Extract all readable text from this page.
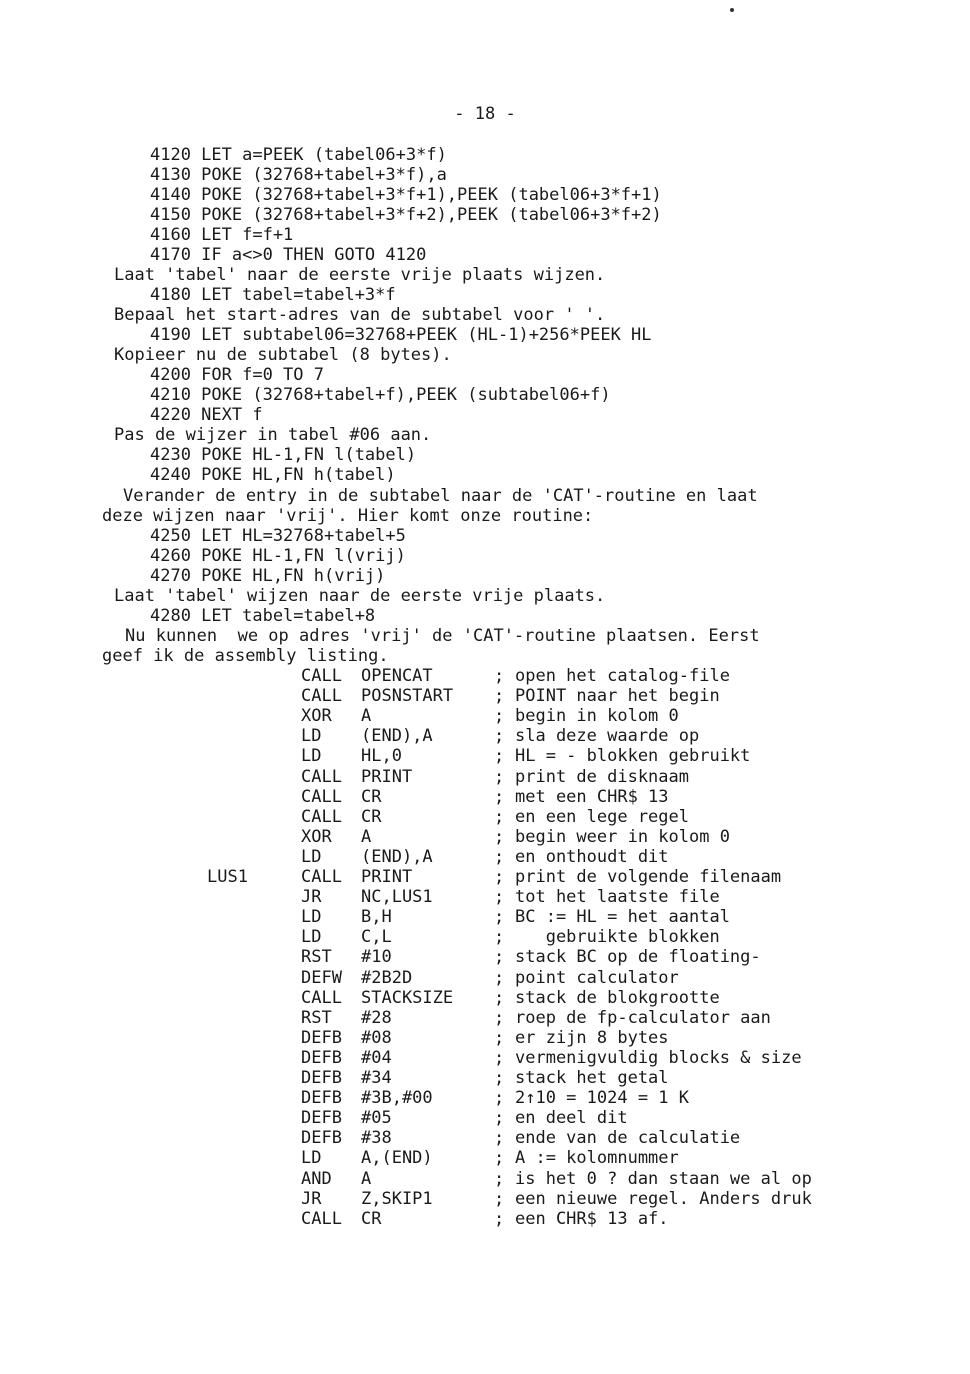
- 18 -
4120 LET a=PEEK (tabel06+3*f)
4130 POKE (32768+tabel+3*f),a
4140 POKE (32768+tabel+3*f+1),PEEK (tabel06+3*f+1)
4150 POKE (32768+tabel+3*f+2),PEEK (tabel06+3*f+2)
4160 LET f=f+1
4170 IF a<>0 THEN GOTO 4120
Laat 'tabel' naar de eerste vrije plaats wijzen.
4180 LET tabel=tabel+3*f
Bepaal het start-adres van de subtabel voor ' '.
4190 LET subtabel06=32768+PEEK (HL-1)+256*PEEK HL
Kopieer nu de subtabel (8 bytes).
4200 FOR f=0 TO 7
4210 POKE (32768+tabel+f),PEEK (subtabel06+f)
4220 NEXT f
Pas de wijzer in tabel #06 aan.
4230 POKE HL-1,FN l(tabel)
4240 POKE HL,FN h(tabel)
Verander de entry in de subtabel naar de 'CAT'-routine en laat
deze wijzen naar 'vrij'. Hier komt onze routine:
4250 LET HL=32768+tabel+5
4260 POKE HL-1,FN l(vrij)
4270 POKE HL,FN h(vrij)
Laat 'tabel' wijzen naar de eerste vrije plaats.
4280 LET tabel=tabel+8
Nu kunnen  we op adres 'vrij' de 'CAT'-routine plaatsen. Eerst
geef ik de assembly listing.
CALL OPENCAT	open het catalog-file
;
CALL POSNSTART	POINT naar het begin
;
XOR A	begin in kolom 0
;
LD (END),A	sla deze waarde op
;
LD HL,0	HL = - blokken gebruikt
;
CALL PRINT	print de disknaam
;
CALL CR	met een CHR$ 13
;
CALL CR	en een lege regel
;
XOR A	begin weer in kolom 0
;
LD (END),A	en onthoudt dit
;
LUS1	CALL PRINT	print de volgende filenaam
;
JR NC,LUS1	tot het laatste file
;
LD B,H	BC := HL = het aantal
;
LD C,L	gebruikte blokken
;
RST #10	stack BC op de floating-
;
DEFW #2B2D	point calculator
;
CALL STACKSIZE	stack de blokgrootte
;
RST #28	roep de fp-calculator aan
;
DEFB #08	er zijn 8 bytes
;
DEFB #04	vermenigvuldig blocks & size
;
DEFB #34	stack het getal
;
DEFB #3B,#00	2↑10 = 1024 = 1 K
;
DEFB #05	en deel dit
;
DEFB #38	ende van de calculatie
;
LD A,(END)	A := kolomnummer
;
AND A	is het 0 ? dan staan we al op
;
JR Z,SKIP1	een nieuwe regel. Anders druk
;
CALL CR	een CHR$ 13 af.
;
